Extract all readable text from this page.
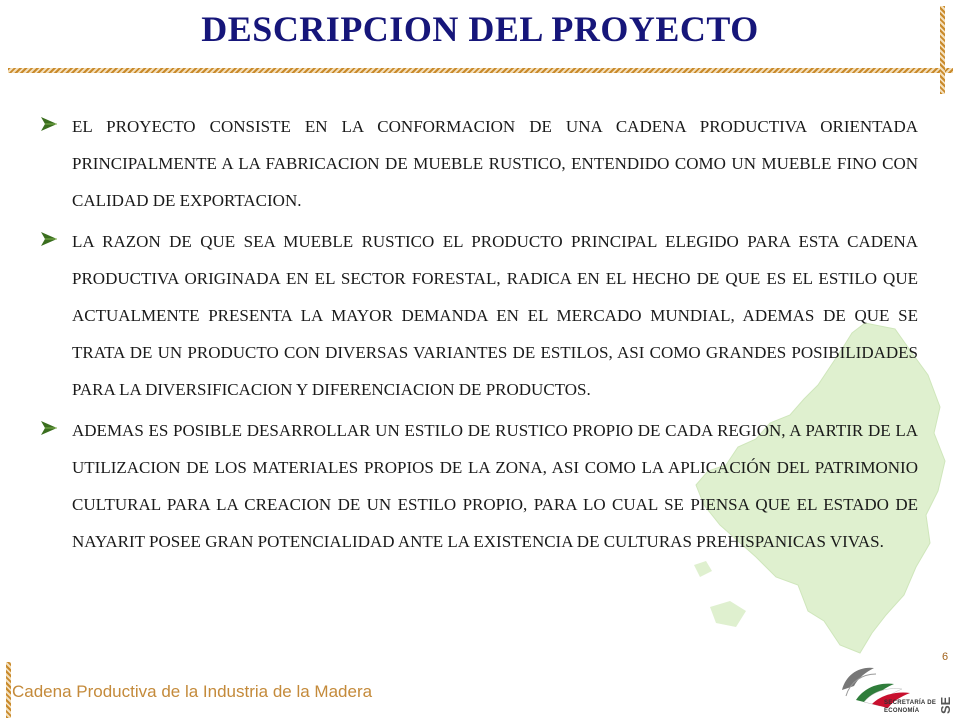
DESCRIPCION DEL PROYECTO
EL PROYECTO CONSISTE EN LA CONFORMACION DE UNA CADENA PRODUCTIVA ORIENTADA PRINCIPALMENTE A LA FABRICACION DE MUEBLE RUSTICO, ENTENDIDO COMO UN MUEBLE FINO CON CALIDAD DE EXPORTACION.
LA RAZON DE QUE SEA MUEBLE RUSTICO EL PRODUCTO PRINCIPAL ELEGIDO PARA ESTA CADENA PRODUCTIVA ORIGINADA EN EL SECTOR FORESTAL, RADICA EN EL HECHO DE QUE ES EL ESTILO QUE ACTUALMENTE PRESENTA LA MAYOR DEMANDA EN EL MERCADO MUNDIAL, ADEMAS DE QUE SE TRATA DE UN PRODUCTO CON DIVERSAS VARIANTES DE ESTILOS, ASI COMO GRANDES POSIBILIDADES PARA LA DIVERSIFICACION Y DIFERENCIACION DE PRODUCTOS.
ADEMAS ES POSIBLE DESARROLLAR UN ESTILO DE RUSTICO PROPIO DE CADA REGION, A PARTIR DE LA UTILIZACION DE LOS MATERIALES PROPIOS DE LA ZONA, ASI COMO LA APLICACIÓN DEL PATRIMONIO CULTURAL PARA LA CREACION DE UN ESTILO PROPIO, PARA LO CUAL SE PIENSA QUE EL ESTADO DE NAYARIT POSEE GRAN POTENCIALIDAD ANTE LA EXISTENCIA DE CULTURAS PREHISPANICAS VIVAS.
6
Cadena Productiva de la Industria de la Madera
SECRETARÍA DE
ECONOMÍA SE
